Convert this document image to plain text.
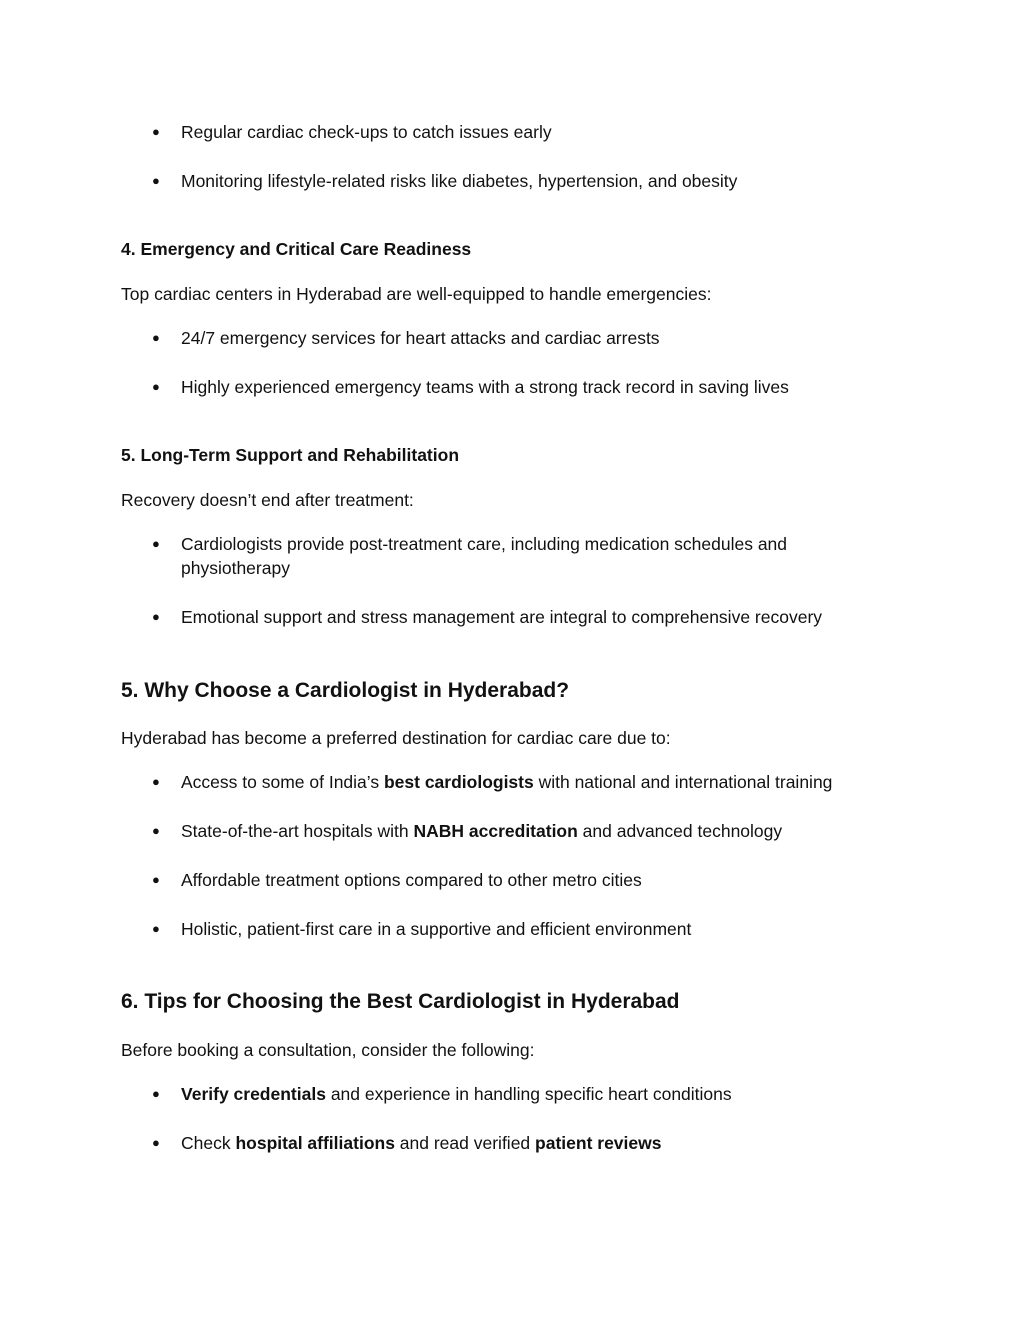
● Regular cardiac check-ups to catch issues early
● Monitoring lifestyle-related risks like diabetes, hypertension, and obesity
4. Emergency and Critical Care Readiness

Top cardiac centers in Hyderabad are well-equipped to handle emergencies:

● 24/7 emergency services for heart attacks and cardiac arrests
● Highly experienced emergency teams with a strong track record in saving lives
5. Long-Term Support and Rehabilitation

Recovery doesn’t end after treatment:

● Cardiologists provide post-treatment care, including medication schedules and physiotherapy
● Emotional support and stress management are integral to comprehensive recovery
5. Why Choose a Cardiologist in Hyderabad?

Hyderabad has become a preferred destination for cardiac care due to:

● Access to some of India’s best cardiologists with national and international training
● State-of-the-art hospitals with NABH accreditation and advanced technology
● Affordable treatment options compared to other metro cities
● Holistic, patient-first care in a supportive and efficient environment
6. Tips for Choosing the Best Cardiologist in Hyderabad

Before booking a consultation, consider the following:

● Verify credentials and experience in handling specific heart conditions
● Check hospital affiliations and read verified patient reviews
